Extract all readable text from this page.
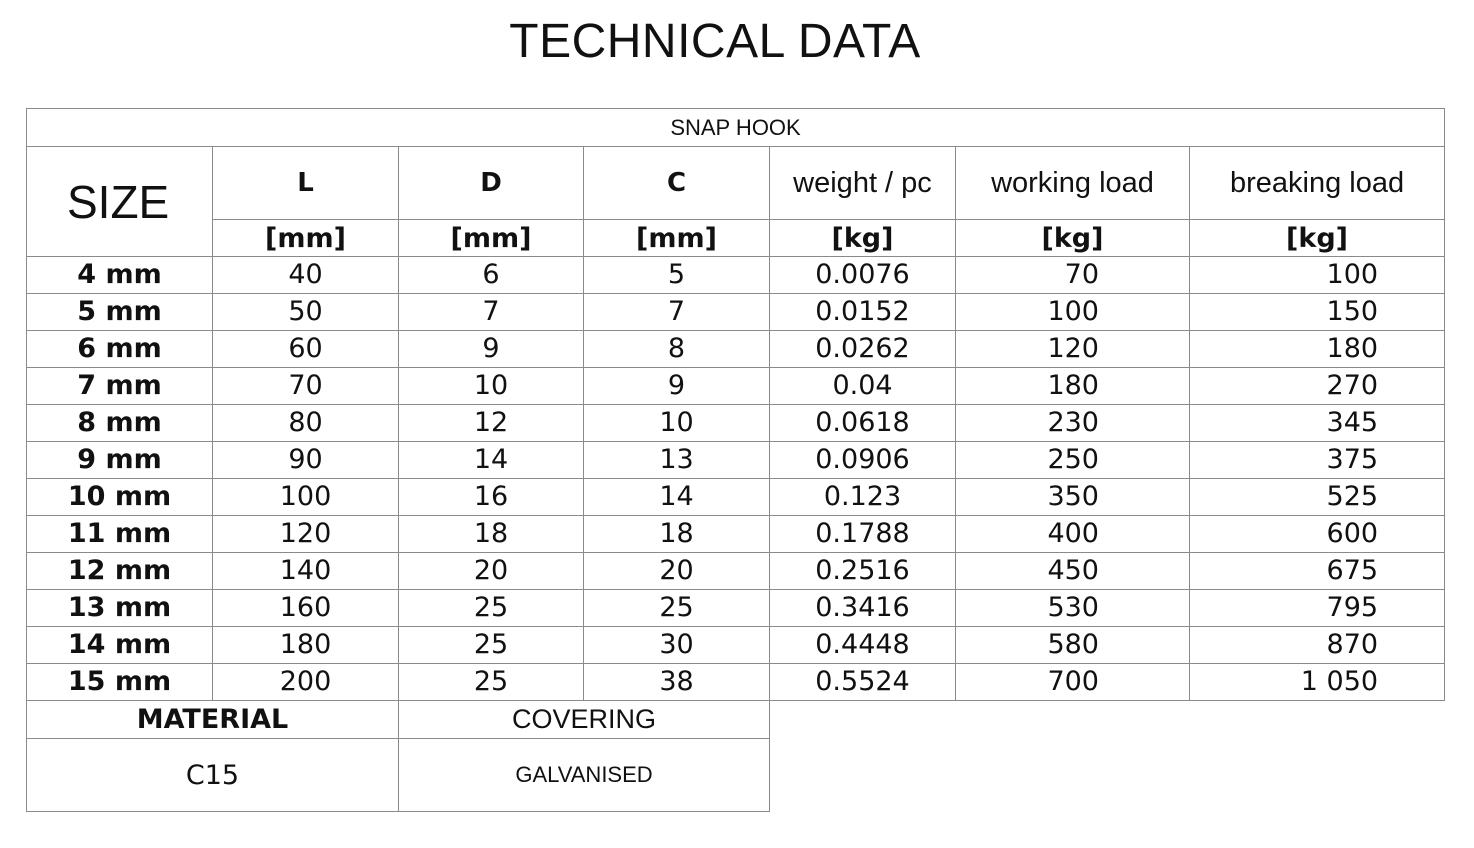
TECHNICAL DATA
SNAP HOOK						
SIZE	L	D	C	weight / pc	working load	breaking load
	[mm]	[mm]	[mm]	[kg]	[kg]	[kg]
4 mm	40	6	5	0.0076	70	100
5 mm	50	7	7	0.0152	100	150
6 mm	60	9	8	0.0262	120	180
7 mm	70	10	9	0.04	180	270
8 mm	80	12	10	0.0618	230	345
9 mm	90	14	13	0.0906	250	375
10 mm	100	16	14	0.123	350	525
11 mm	120	18	18	0.1788	400	600
12 mm	140	20	20	0.2516	450	675
13 mm	160	25	25	0.3416	530	795
14 mm	180	25	30	0.4448	580	870
15 mm	200	25	38	0.5524	700	1 050
MATERIAL		COVERING				
C15		GALVANISED				
